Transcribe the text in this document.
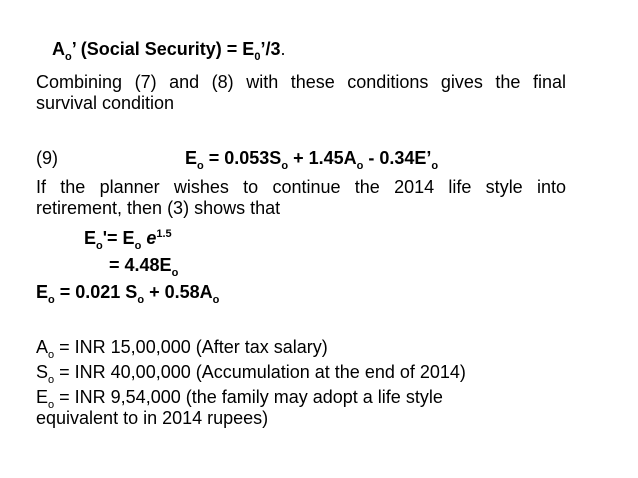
$A_o$’ (Social Security) = $E_0’/3$.
Combining (7) and (8) with these conditions gives the final
survival condition
(9)	$E_o = 0.053S_o + 1.45A_o$ - $0.34E’_o$
If the planner wishes to continue the 2014 life style into
retirement, then (3) shows that
$E_o'= E_o$ $e^{1.5}$
= $4.48E_o$
$E_o = 0.021$ $S_o + 0.58A_o$
$A_o$ = INR 15,00,000 (After tax salary)
$S_o$ = INR 40,00,000 (Accumulation at the end of 2014)
$E_o$ = INR 9,54,000 (the family may adopt a life style
equivalent to in 2014 rupees)
